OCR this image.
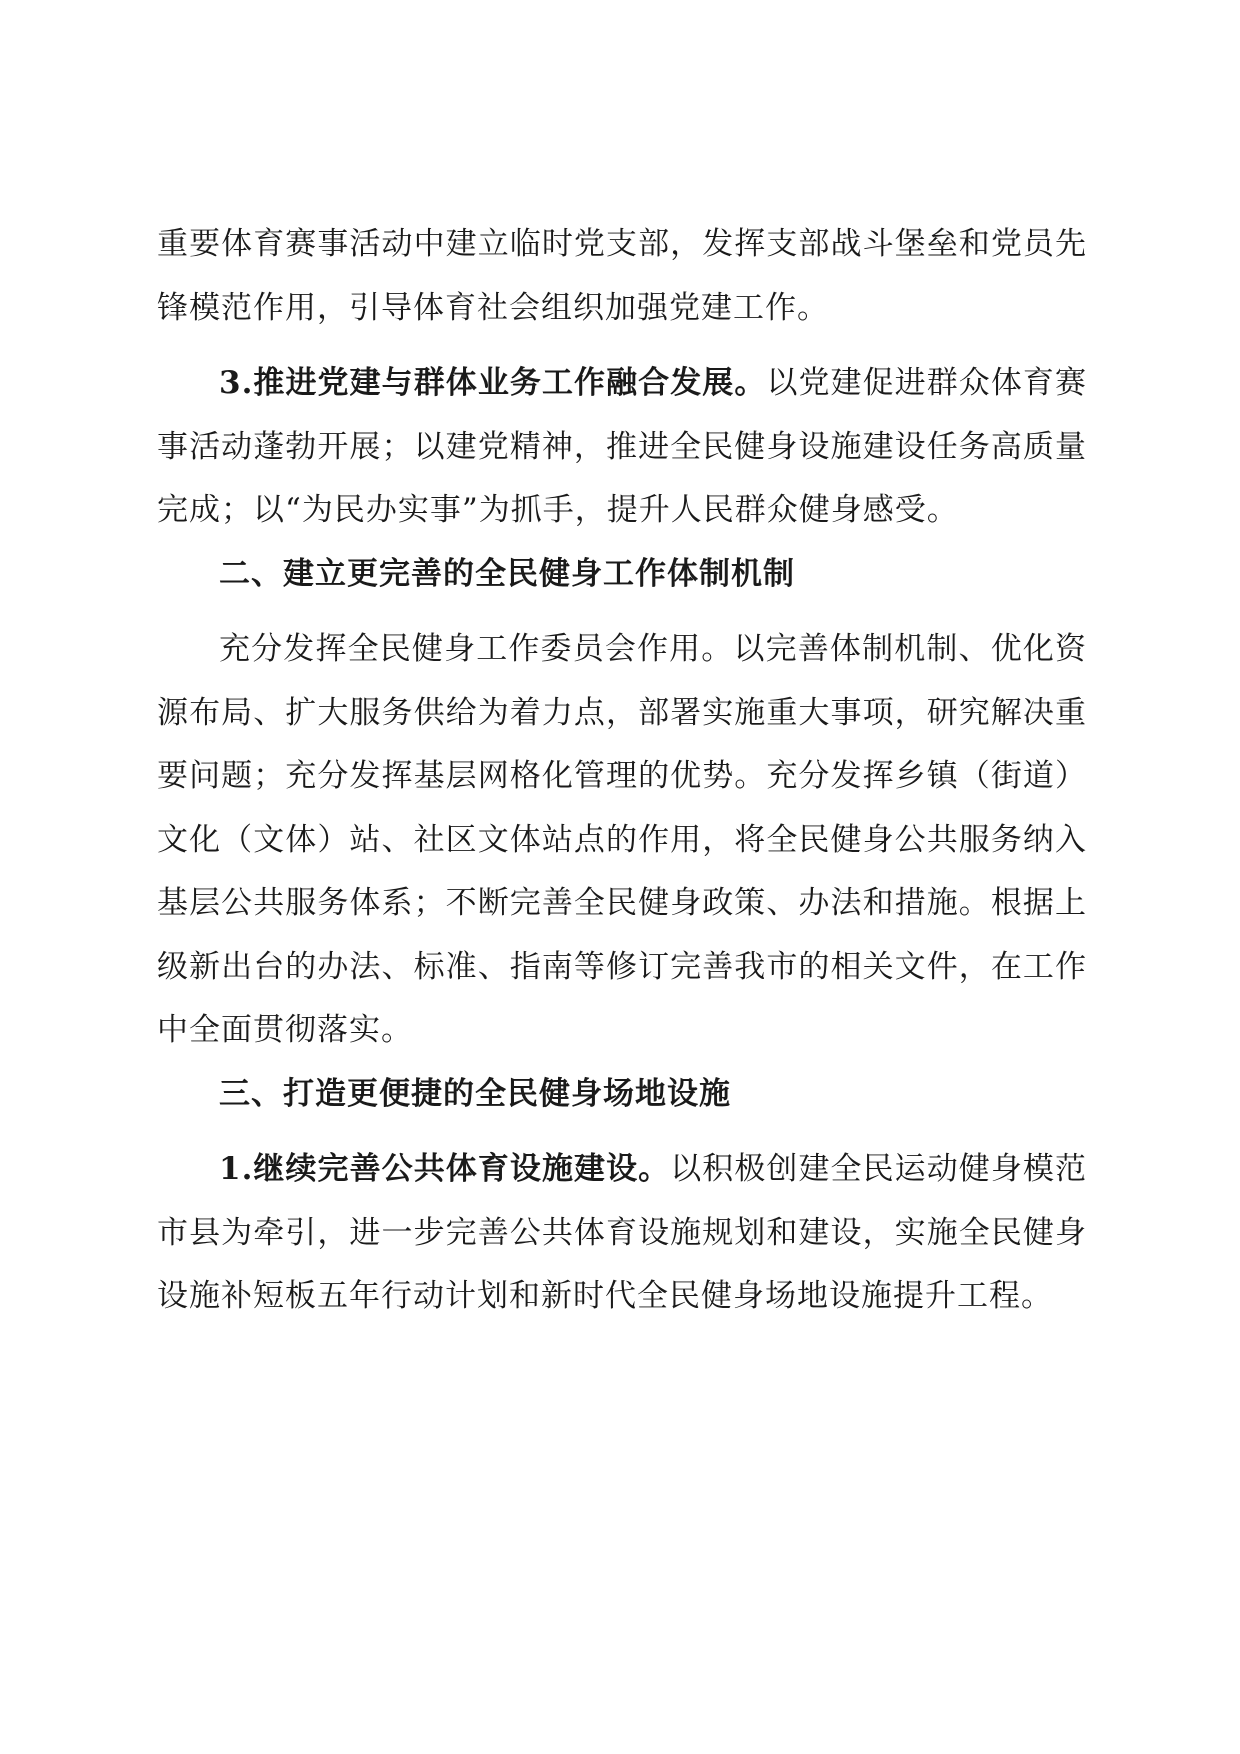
重要体育赛事活动中建立临时党支部，发挥支部战斗堡垒和党员先锋模范作用，引导体育社会组织加强党建工作。

3.推进党建与群体业务工作融合发展。以党建促进群众体育赛事活动蓬勃开展；以建党精神，推进全民健身设施建设任务高质量完成；以“为民办实事”为抓手，提升人民群众健身感受。

二、建立更完善的全民健身工作体制机制

充分发挥全民健身工作委员会作用。以完善体制机制、优化资源布局、扩大服务供给为着力点，部署实施重大事项，研究解决重要问题；充分发挥基层网格化管理的优势。充分发挥乡镇（街道）文化（文体）站、社区文体站点的作用，将全民健身公共服务纳入基层公共服务体系；不断完善全民健身政策、办法和措施。根据上级新出台的办法、标准、指南等修订完善我市的相关文件，在工作中全面贯彻落实。

三、打造更便捷的全民健身场地设施

1.继续完善公共体育设施建设。以积极创建全民运动健身模范市县为牵引，进一步完善公共体育设施规划和建设，实施全民健身设施补短板五年行动计划和新时代全民健身场地设施提升工程。
